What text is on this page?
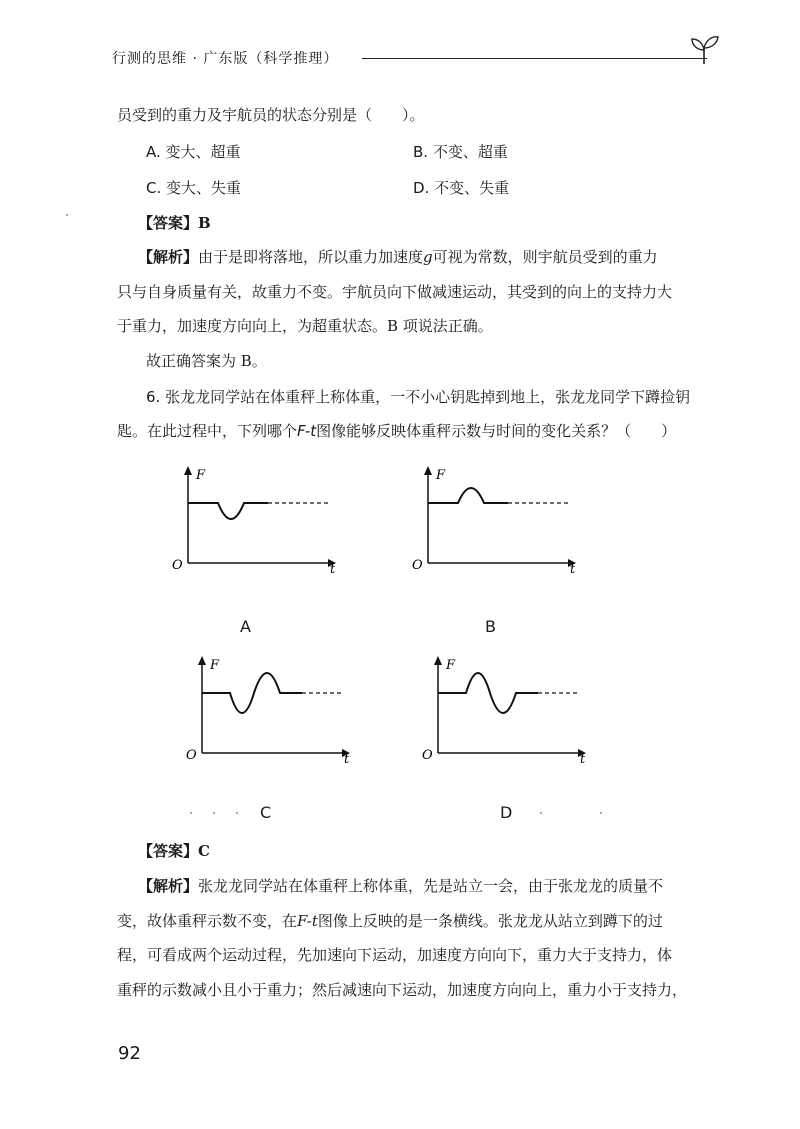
行测的思维 · 广东版（科学推理）

员受到的重力及宇航员的状态分别是（　　）。

A. 变大、超重	B. 不变、超重
C. 变大、失重	D. 不变、失重

【答案】B

【解析】由于是即将落地，所以重力加速度g可视为常数，则宇航员受到的重力

只与自身质量有关，故重力不变。宇航员向下做减速运动，其受到的向上的支持力大

于重力，加速度方向向上，为超重状态。B 项说法正确。

故正确答案为 B。

6. 张龙龙同学站在体重秤上称体重，一不小心钥匙掉到地上，张龙龙同学下蹲捡钥

匙。在此过程中，下列哪个F-t图像能够反映体重秤示数与时间的变化关系？（　　）

F
O	t
A
F
O	t
B
F
O	t
C
F
O	t
D

【答案】C

【解析】张龙龙同学站在体重秤上称体重，先是站立一会，由于张龙龙的质量不

变，故体重秤示数不变，在F-t图像上反映的是一条横线。张龙龙从站立到蹲下的过

程，可看成两个运动过程，先加速向下运动，加速度方向向下，重力大于支持力，体

重秤的示数减小且小于重力；然后减速向下运动，加速度方向向上，重力小于支持力，

92
